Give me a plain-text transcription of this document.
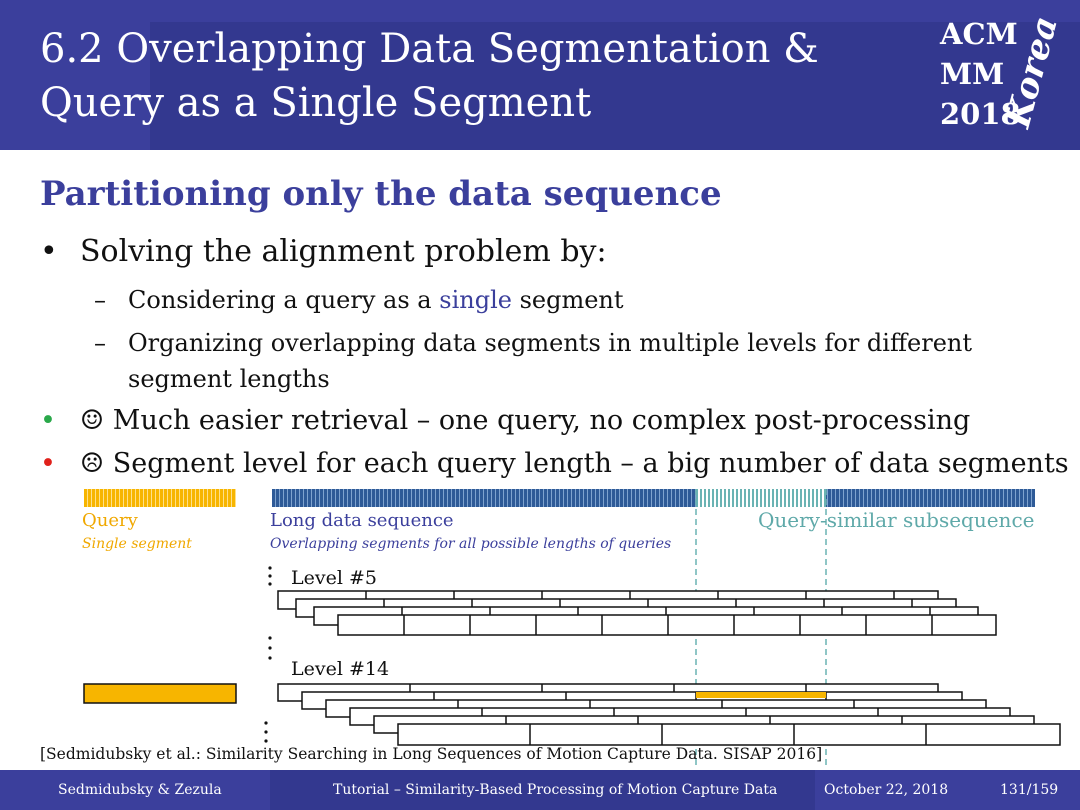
6.2 Overlapping Data Segmentation &
Query as a Single Segment
ACM
MM
2018
Korea
Partitioning only the data sequence
• Solving the alignment problem by:
– Considering a query as a single segment
– Organizing overlapping data segments in multiple levels for different segment lengths
• ☺ Much easier retrieval – one query, no complex post-processing
• ☹ Segment level for each query length – a big number of data segments
Query
Single segment
Long data sequence
Overlapping segments for all possible lengths of queries
Query-similar subsequence
Level #5
Level #14
[Sedmidubsky et al.: Similarity Searching in Long Sequences of Motion Capture Data. SISAP 2016]
Sedmidubsky & Zezula	Tutorial – Similarity-Based Processing of Motion Capture Data	October 22, 2018	131/159
